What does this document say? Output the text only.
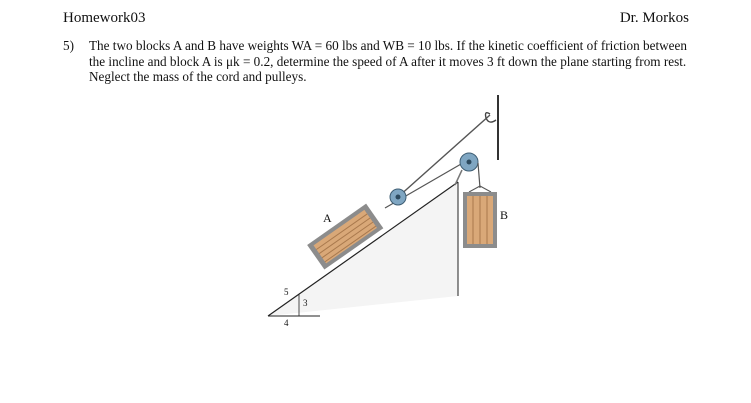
Homework03	Dr. Morkos
5) The two blocks A and B have weights WA = 60 lbs and WB = 10 lbs. If the kinetic coefficient of friction between the incline and block A is μk = 0.2, determine the speed of A after it moves 3 ft down the plane starting from rest. Neglect the mass of the cord and pulleys.
A	B
5
3
4
